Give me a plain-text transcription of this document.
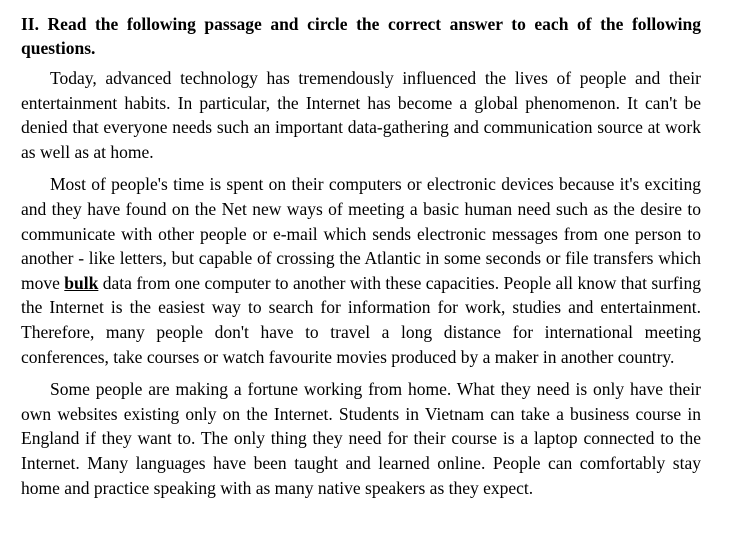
II. Read the following passage and circle the correct answer to each of the following questions.

Today, advanced technology has tremendously influenced the lives of people and their entertainment habits. In particular, the Internet has become a global phenomenon. It can't be denied that everyone needs such an important data-gathering and communication source at work as well as at home.

Most of people's time is spent on their computers or electronic devices because it's exciting and they have found on the Net new ways of meeting a basic human need such as the desire to communicate with other people or e-mail which sends electronic messages from one person to another - like letters, but capable of crossing the Atlantic in some seconds or file transfers which move bulk data from one computer to another with these capacities. People all know that surfing the Internet is the easiest way to search for information for work, studies and entertainment. Therefore, many people don't have to travel a long distance for international meeting conferences, take courses or watch favourite movies produced by a maker in another country.

Some people are making a fortune working from home. What they need is only have their own websites existing only on the Internet. Students in Vietnam can take a business course in England if they want to. The only thing they need for their course is a laptop connected to the Internet. Many languages have been taught and learned online. People can comfortably stay home and practice speaking with as many native speakers as they expect.
